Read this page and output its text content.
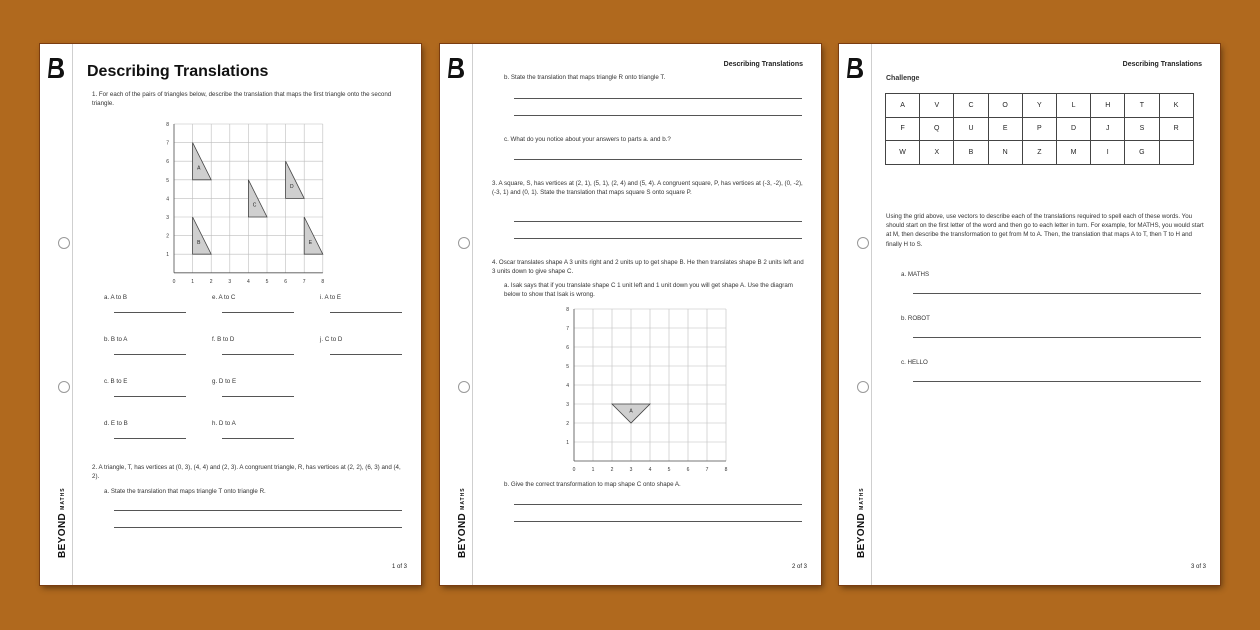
BEYONDMATHS
Describing Translations
1. For each of the pairs of triangles below, describe the translation that maps the first triangle onto the second triangle.
0	1	2	3	4	5	6	7	8
1
2
3
4
5
6
7
8
A
B
C
D
E
a. A to B	e. A to C	i. A to E
b. B to A	f. B to D	j. C to D
c. B to E	g. D to E
d. E to B	h. D to A
2. A triangle, T, has vertices at (0, 3), (4, 4) and (2, 3). A congruent triangle, R, has vertices at (2, 2), (6, 3) and (4, 2).
a. State the translation that maps triangle T onto triangle R.
1 of 3
BEYONDMATHS
Describing Translations
b. State the translation that maps triangle R onto triangle T.
c. What do you notice about your answers to parts a. and b.?
3. A square, S, has vertices at (2, 1), (5, 1), (2, 4) and (5, 4). A congruent square, P, has vertices at (-3, -2), (0, -2), (-3, 1) and (0, 1). State the translation that maps square S onto square P.
4. Oscar translates shape A 3 units right and 2 units up to get shape B. He then translates shape B 2 units left and 3 units down to give shape C.
a. Isak says that if you translate shape C 1 unit left and 1 unit down you will get shape A. Use the diagram below to show that Isak is wrong.
0	1	2	3	4	5	6	7	8
1
2
3
4
5
6
7
8
A
b. Give the correct transformation to map shape C onto shape A.
2 of 3
BEYONDMATHS
Describing Translations
Challenge
A	V	C	O	Y	L	H	T	K
F	Q	U	E	P	D	J	S	R
W	X	B	N	Z	M	I	G	
Using the grid above, use vectors to describe each of the translations required to spell each of these words. You should start on the first letter of the word and then go to each letter in turn. For example, for MATHS, you would start at M, then describe the transformation to get from M to A. Then, the translation that maps A to T, then T to H and finally H to S.
a. MATHS
b. ROBOT
c. HELLO
3 of 3
